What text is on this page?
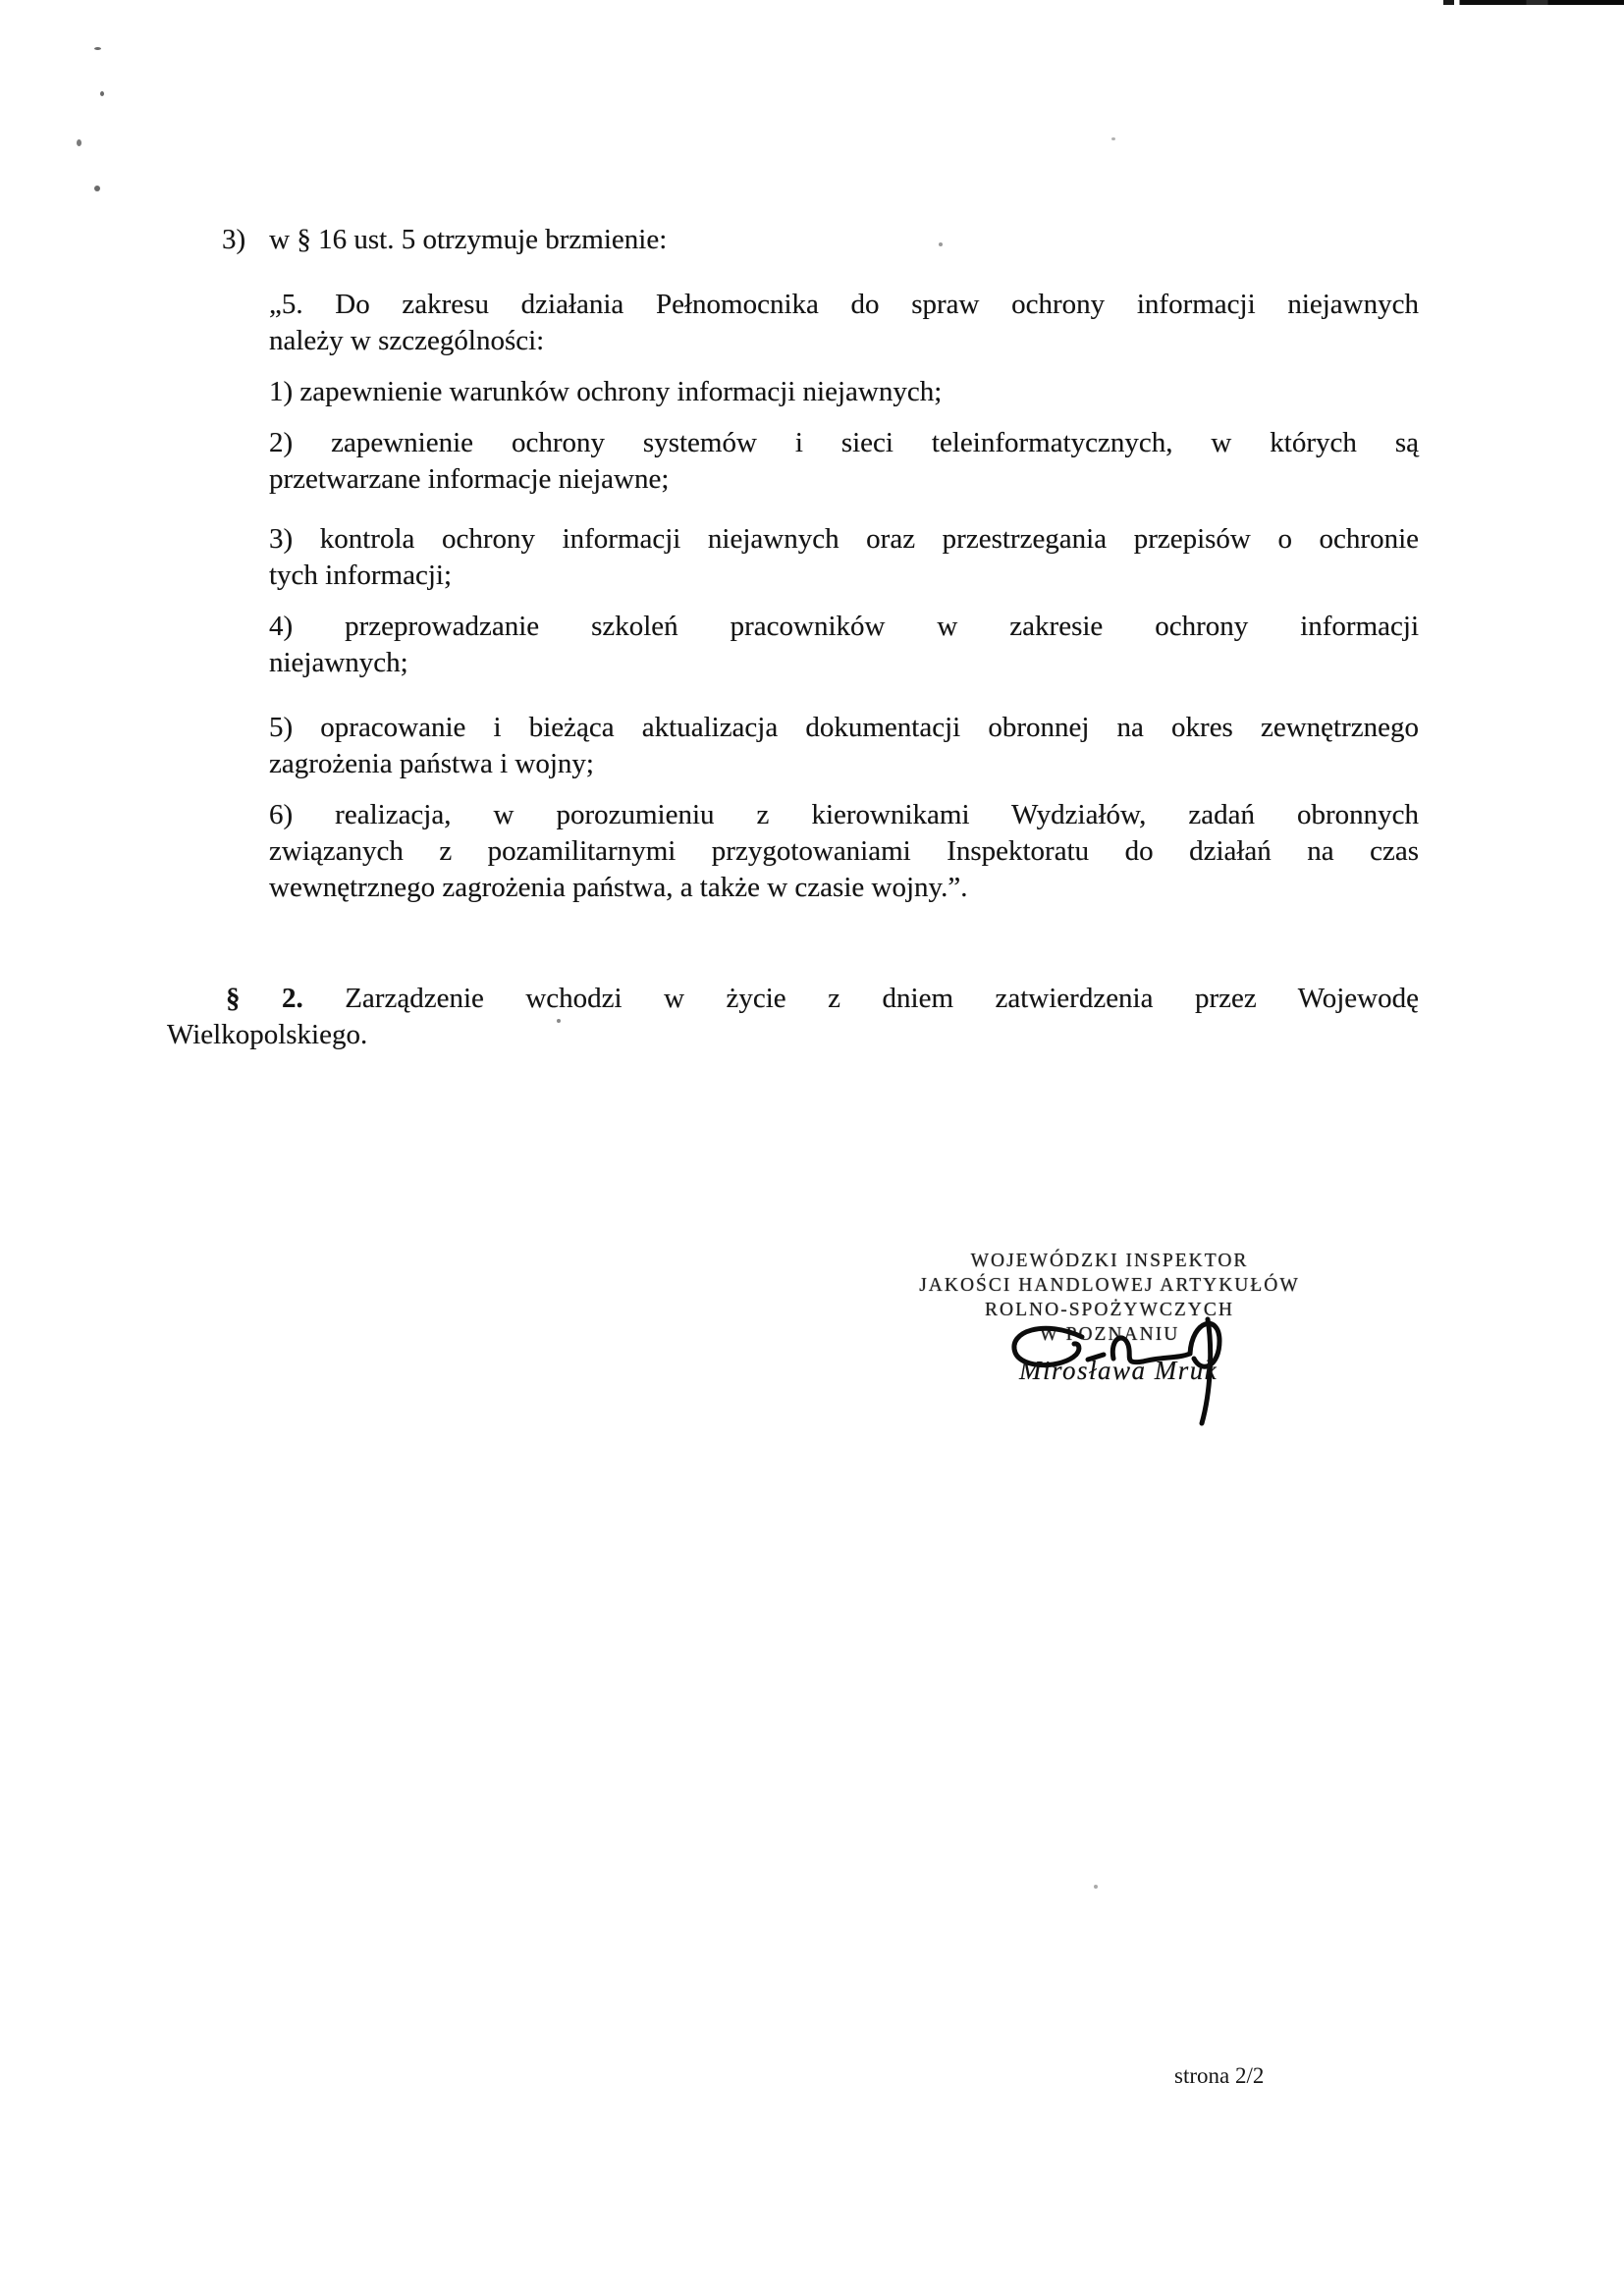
3) w § 16 ust. 5 otrzymuje brzmienie:
„5. Do zakresu działania Pełnomocnika do spraw ochrony informacji niejawnych
należy w szczególności:
1) zapewnienie warunków ochrony informacji niejawnych;
2) zapewnienie ochrony systemów i sieci teleinformatycznych, w których są
przetwarzane informacje niejawne;
3) kontrola ochrony informacji niejawnych oraz przestrzegania przepisów o ochronie
tych informacji;
4) przeprowadzanie szkoleń pracowników w zakresie ochrony informacji
niejawnych;
5) opracowanie i bieżąca aktualizacja dokumentacji obronnej na okres zewnętrznego
zagrożenia państwa i wojny;
6) realizacja, w porozumieniu z kierownikami Wydziałów, zadań obronnych
związanych z pozamilitarnymi przygotowaniami Inspektoratu do działań na czas
wewnętrznego zagrożenia państwa, a także w czasie wojny.”.
§ 2. Zarządzenie wchodzi w życie z dniem zatwierdzenia przez Wojewodę
Wielkopolskiego.
WOJEWÓDZKI INSPEKTOR
JAKOŚCI HANDLOWEJ ARTYKUŁÓW
ROLNO-SPOŻYWCZYCH
W POZNANIU
Mirosława Mruk
strona 2/2
